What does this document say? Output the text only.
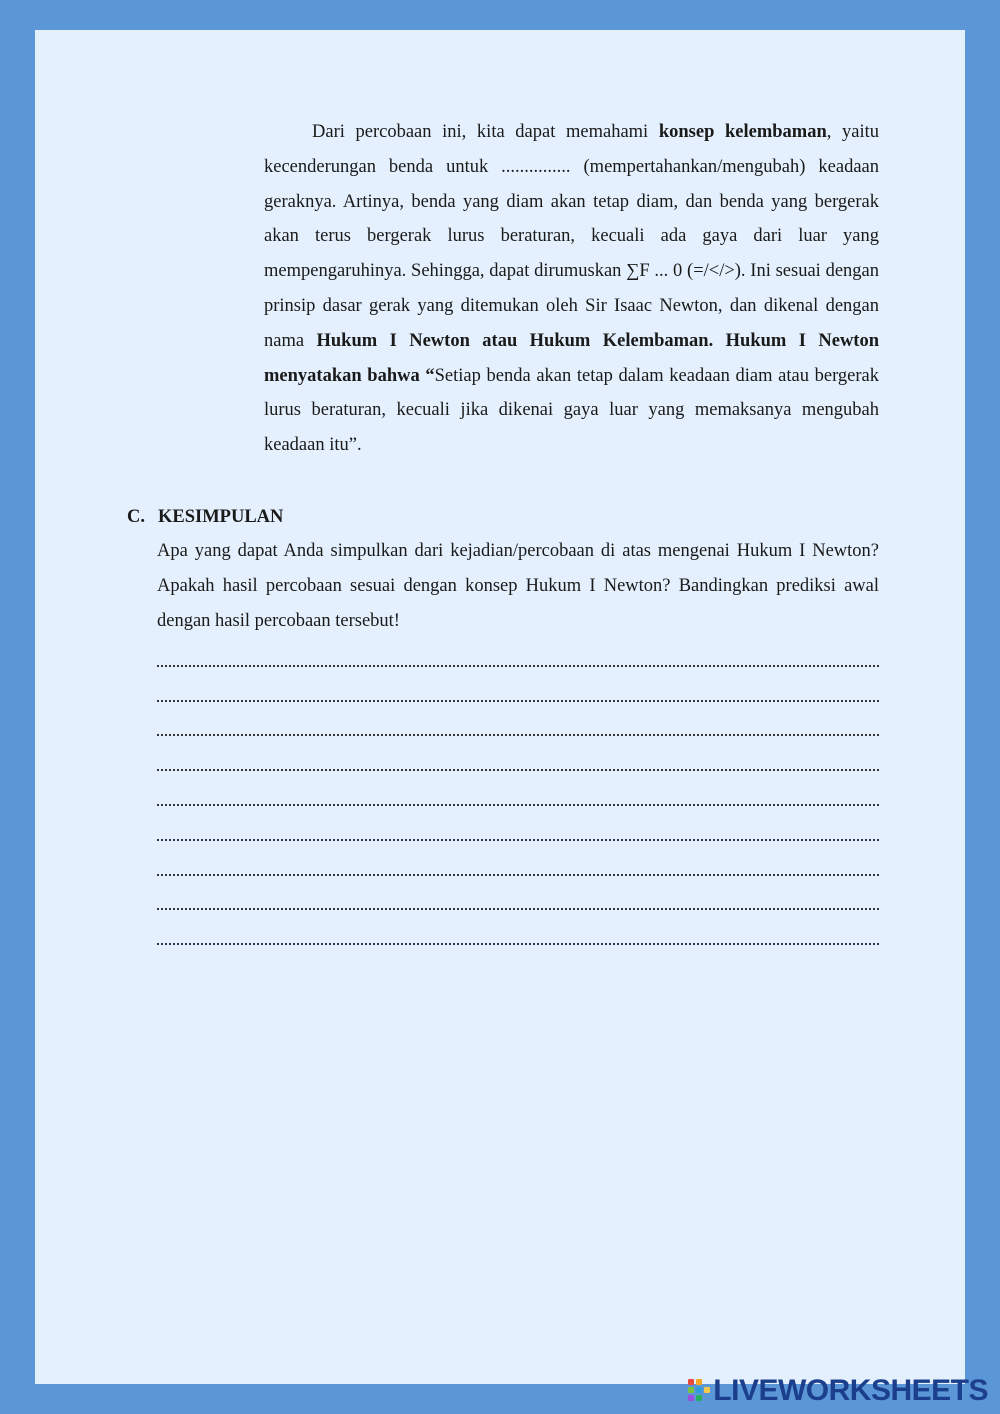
Dari percobaan ini, kita dapat memahami konsep kelembaman, yaitu kecenderungan benda untuk ............... (mempertahankan/mengubah) keadaan geraknya. Artinya, benda yang diam akan tetap diam, dan benda yang bergerak akan terus bergerak lurus beraturan, kecuali ada gaya dari luar yang mempengaruhinya. Sehingga, dapat dirumuskan ∑F ... 0 (=/</>). Ini sesuai dengan prinsip dasar gerak yang ditemukan oleh Sir Isaac Newton, dan dikenal dengan nama Hukum I Newton atau Hukum Kelembaman. Hukum I Newton menyatakan bahwa “Setiap benda akan tetap dalam keadaan diam atau bergerak lurus beraturan, kecuali jika dikenai gaya luar yang memaksanya mengubah keadaan itu”.

C. KESIMPULAN

Apa yang dapat Anda simpulkan dari kejadian/percobaan di atas mengenai Hukum I Newton? Apakah hasil percobaan sesuai dengan konsep Hukum I Newton? Bandingkan prediksi awal dengan hasil percobaan tersebut!

LIVEWORKSHEETS
